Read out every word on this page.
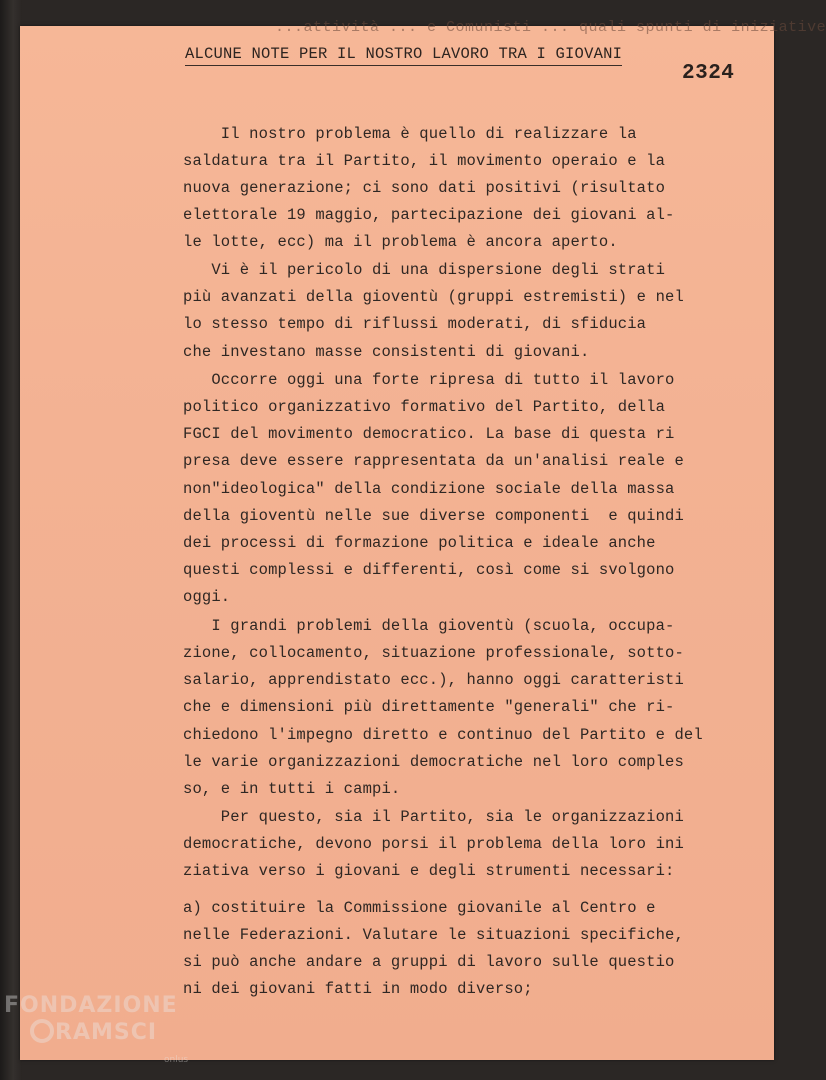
...attività ... e Comunisti ... quali spunti di iniziative
ALCUNE NOTE PER IL NOSTRO LAVORO TRA I GIOVANI
2324
Il nostro problema è quello di realizzare la
saldatura tra il Partito, il movimento operaio e la
nuova generazione; ci sono dati positivi (risultato
elettorale 19 maggio, partecipazione dei giovani al-
le lotte, ecc) ma il problema è ancora aperto.
Vi è il pericolo di una dispersione degli strati
più avanzati della gioventù (gruppi estremisti) e nel
lo stesso tempo di riflussi moderati, di sfiducia
che investano masse consistenti di giovani.
Occorre oggi una forte ripresa di tutto il lavoro
politico organizzativo formativo del Partito, della
FGCI del movimento democratico. La base di questa ri
presa deve essere rappresentata da un'analisi reale e
non"ideologica" della condizione sociale della massa
della gioventù nelle sue diverse componenti  e quindi
dei processi di formazione politica e ideale anche
questi complessi e differenti, così come si svolgono
oggi.
I grandi problemi della gioventù (scuola, occupa-
zione, collocamento, situazione professionale, sotto-
salario, apprendistato ecc.), hanno oggi caratteristi
che e dimensioni più direttamente "generali" che ri-
chiedono l'impegno diretto e continuo del Partito e del
le varie organizzazioni democratiche nel loro comples
so, e in tutti i campi.
Per questo, sia il Partito, sia le organizzazioni
democratiche, devono porsi il problema della loro ini
ziativa verso i giovani e degli strumenti necessari:
a) costituire la Commissione giovanile al Centro e
nelle Federazioni. Valutare le situazioni specifiche,
si può anche andare a gruppi di lavoro sulle questio
ni dei giovani fatti in modo diverso;
FONDAZIONE
RAMSCI
onlus
